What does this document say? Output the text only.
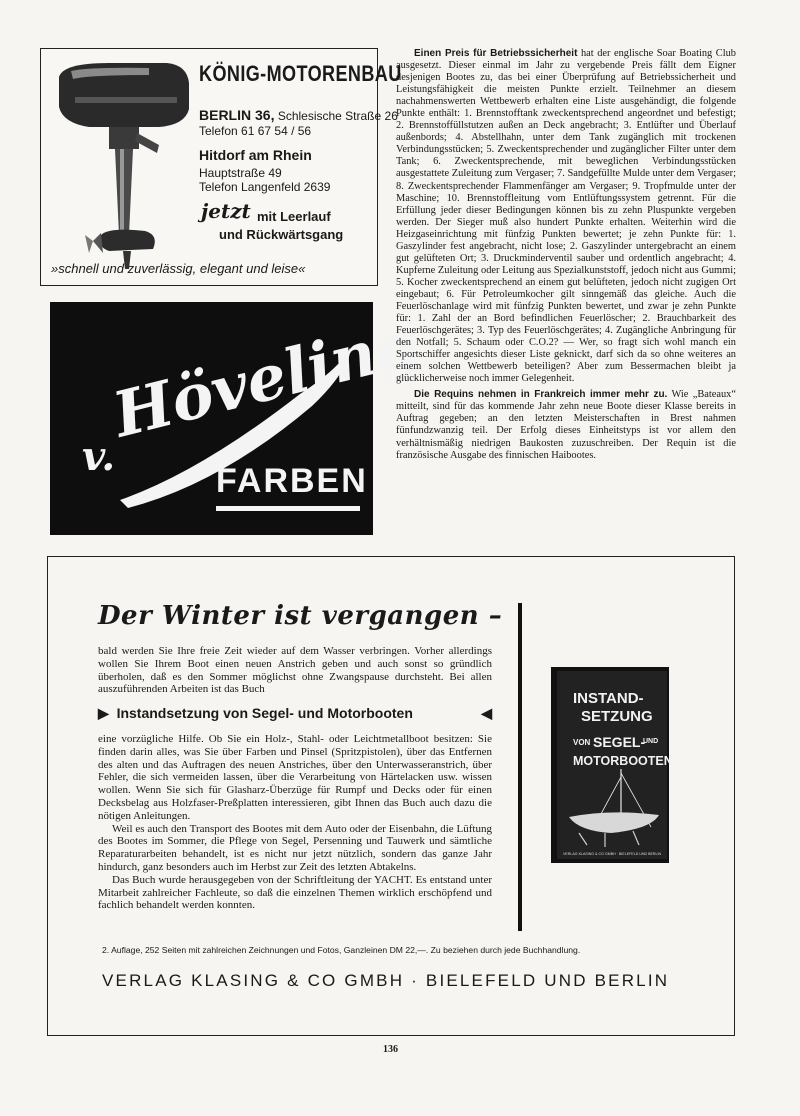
KÖNIG-MOTORENBAU
BERLIN 36, Schlesische Straße 26
Telefon 61 67 54 / 56
Hitdorf am Rhein
Hauptstraße 49
Telefon Langenfeld 2639
jetzt mit Leerlauf
und Rückwärtsgang
»schnell und zuverlässig, elegant und leise«
v.
Höveling
FARBEN

Einen Preis für Betriebssicherheit hat der englische Soar Boating Club ausgesetzt. Dieser einmal im Jahr zu vergebende Preis fällt dem Eigner desjenigen Bootes zu, das bei einer Überprüfung auf Betriebssicherheit und Leistungsfähigkeit die meisten Punkte erzielt. Teilnehmer an diesem nachahmenswerten Wettbewerb erhalten eine Liste ausgehändigt, die folgende Punkte enthält: 1. Brennstofftank zweckentsprechend angeordnet und befestigt; 2. Brennstoffüllstutzen außen an Deck angebracht; 3. Entlüfter und Überlauf außenbords; 4. Abstellhahn, unter dem Tank zugänglich mit trockenen Verbindungsstücken; 5. Zweckentsprechender und zugänglicher Filter unter dem Tank; 6. Zweckentsprechende, mit beweglichen Verbindungsstücken ausgestattete Zuleitung zum Vergaser; 7. Sandgefüllte Mulde unter dem Vergaser; 8. Zweckentsprechender Flammenfänger am Vergaser; 9. Tropfmulde unter der Maschine; 10. Brennstoffleitung vom Entlüftungssystem getrennt. Für die Erfüllung jeder dieser Bedingungen können bis zu zehn Pluspunkte vergeben werden. Der Sieger muß also hundert Punkte erhalten. Weiterhin wird die Heizgaseinrichtung mit fünfzig Punkten bewertet; je zehn Punkte für: 1. Gaszylinder fest angebracht, nicht lose; 2. Gaszylinder untergebracht an einem gut gelüfteten Ort; 3. Druckminderventil sauber und ordentlich angebracht; 4. Kupferne Zuleitung oder Leitung aus Spezialkunststoff, jedoch nicht aus Gummi; 5. Kocher zweckentsprechend an einem gut belüfteten, jedoch nicht zugigen Ort eingebaut; 6. Für Petroleumkocher gilt sinngemäß das gleiche. Auch die Feuerlöschanlage wird mit fünfzig Punkten bewertet, und zwar je zehn Punkte für: 1. Zahl der an Bord befindlichen Feuerlöscher; 2. Brauchbarkeit des Feuerlöschgerätes; 3. Typ des Feuerlöschgerätes; 4. Zugängliche Anbringung für den Notfall; 5. Schaum oder C.O.2? — Wer, so fragt sich wohl manch ein Sportschiffer angesichts dieser Liste geknickt, darf sich da so ohne weiteres an einem solchen Wettbewerb beteiligen? Aber zum Bessermachen bleibt ja glücklicherweise noch immer Gelegenheit.

Die Requins nehmen in Frankreich immer mehr zu. Wie „Bateaux“ mitteilt, sind für das kommende Jahr zehn neue Boote dieser Klasse bereits in Auftrag gegeben; an den letzten Meisterschaften in Brest nahmen fünfundzwanzig teil. Der Erfolg dieses Einheitstyps ist vor allem den verhältnismäßig niedrigen Baukosten zuzuschreiben. Der Requin ist die französische Ausgabe des finnischen Haibootes.

Der Winter ist vergangen –

bald werden Sie Ihre freie Zeit wieder auf dem Wasser verbringen. Vorher allerdings wollen Sie Ihrem Boot einen neuen Anstrich geben und auch sonst so gründlich überholen, daß es den Sommer möglichst ohne Zwangspause durchsteht. Bei allen auszuführenden Arbeiten ist das Buch

▶ Instandsetzung von Segel- und Motorbooten	◀

eine vorzügliche Hilfe. Ob Sie ein Holz-, Stahl- oder Leichtmetallboot besitzen: Sie finden darin alles, was Sie über Farben und Pinsel (Spritzpistolen), über das Entfernen des alten und das Auftragen des neuen Anstriches, über den Unterwasseranstrich, über Fehler, die sich vermeiden lassen, über die Verarbeitung von Härtelacken usw. wissen wollen. Wenn Sie sich für Glasharz-Überzüge für Rumpf und Decks oder für einen Decksbelag aus Holzfaser-Preßplatten interessieren, gibt Ihnen das Buch auch dazu die nötigen Anleitungen.

Weil es auch den Transport des Bootes mit dem Auto oder der Eisenbahn, die Lüftung des Bootes im Sommer, die Pflege von Segel, Persenning und Tauwerk und sämtliche Reparaturarbeiten behandelt, ist es nicht nur jetzt nützlich, sondern das ganze Jahr hindurch, ganz besonders auch im Herbst zur Zeit des letzten Abtakelns.

Das Buch wurde herausgegeben von der Schriftleitung der YACHT. Es entstand unter Mitarbeit zahlreicher Fachleute, so daß die einzelnen Themen wirklich erschöpfend und fachlich behandelt werden konnten.

INSTAND-
SETZUNG
VON SEGEL-
UND
MOTORBOOTEN
VERLAG KLASING & CO GMBH · BIELEFELD UND BERLIN
2. Auflage, 252 Seiten mit zahlreichen Zeichnungen und Fotos, Ganzleinen DM 22,—. Zu beziehen durch jede Buchhandlung.
VERLAG KLASING & CO GMBH · BIELEFELD UND BERLIN
136
